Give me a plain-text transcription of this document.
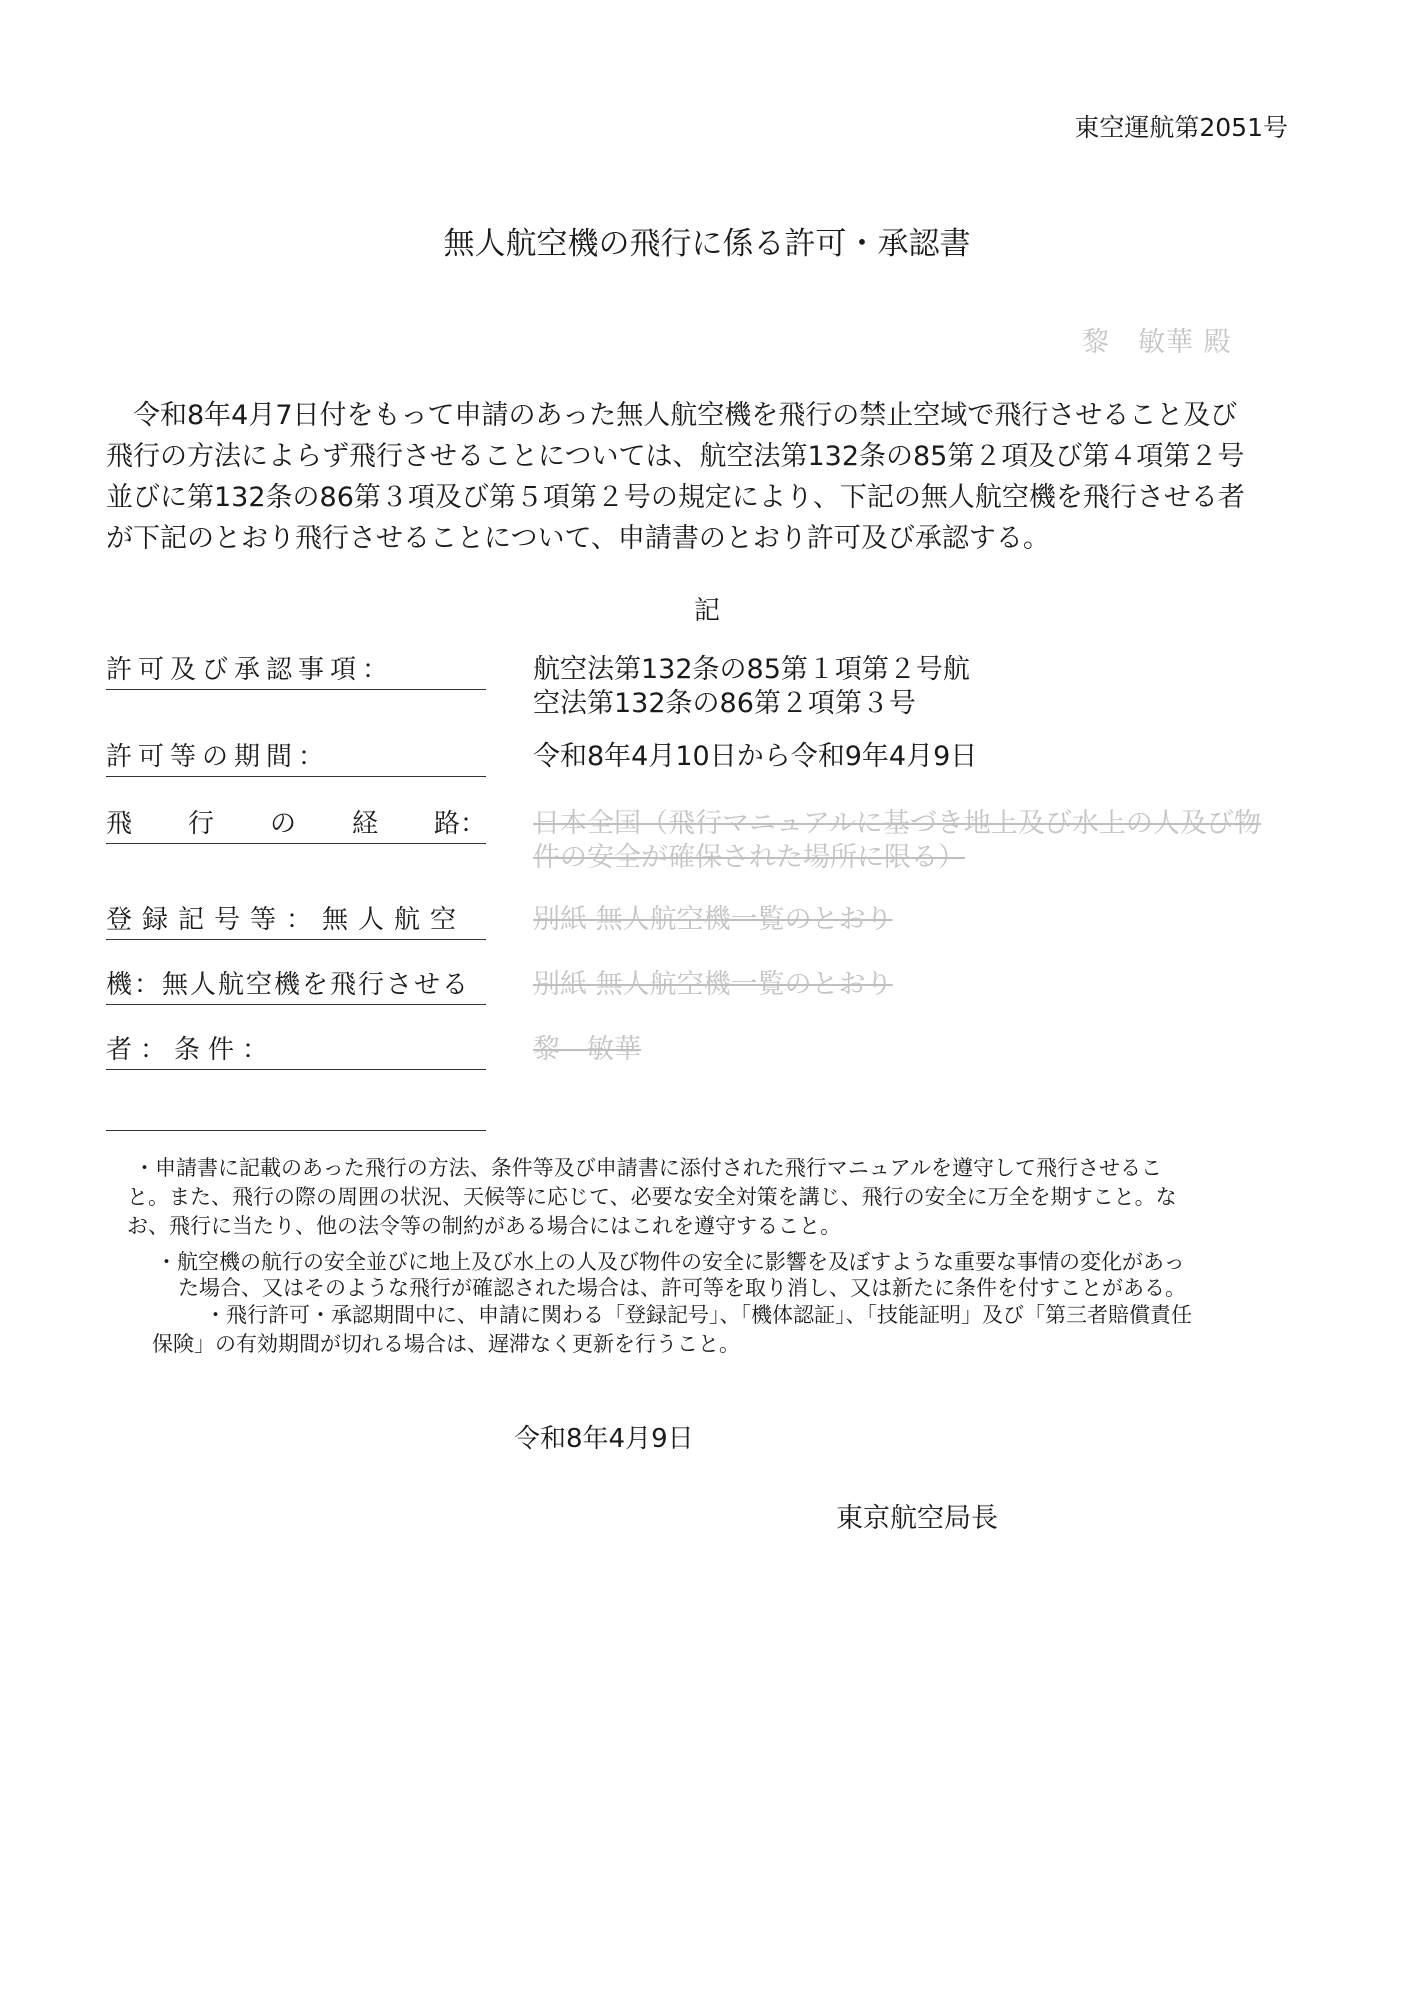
東空運航第2051号
無人航空機の飛行に係る許可・承認書
黎　敏華 殿
　令和8年4月7日付をもって申請のあった無人航空機を飛行の禁止空域で飛行させること及び
飛行の方法によらず飛行させることについては、航空法第132条の85第２項及び第４項第２号
並びに第132条の86第３項及び第５項第２号の規定により、下記の無人航空機を飛行させる者
が下記のとおり飛行させることについて、申請書のとおり許可及び承認する。
記
許可及び承認事項：	航空法第132条の85第１項第２号航
空法第132条の86第２項第３号
許可等の期間：	令和8年4月10日から令和9年4月9日
飛 行 の 経 路： 日本全国（飛行マニュアルに基づき地上及び水上の人及び物
件の安全が確保された場所に限る）
登録記号等：無人航空	別紙 無人航空機一覧のとおり
機：無人航空機を飛行させる	別紙 無人航空機一覧のとおり
者：条件：	黎　敏華
・申請書に記載のあった飛行の方法、条件等及び申請書に添付された飛行マニュアルを遵守して飛行させるこ
と。また、飛行の際の周囲の状況、天候等に応じて、必要な安全対策を講じ、飛行の安全に万全を期すこと。な
お、飛行に当たり、他の法令等の制約がある場合にはこれを遵守すること。
・航空機の航行の安全並びに地上及び水上の人及び物件の安全に影響を及ぼすような重要な事情の変化があっ
た場合、又はそのような飛行が確認された場合は、許可等を取り消し、又は新たに条件を付すことがある。
・飛行許可・承認期間中に、申請に関わる「登録記号」、「機体認証」、「技能証明」及び「第三者賠償責任
保険」の有効期間が切れる場合は、遅滞なく更新を行うこと。
令和8年4月9日
東京航空局長
